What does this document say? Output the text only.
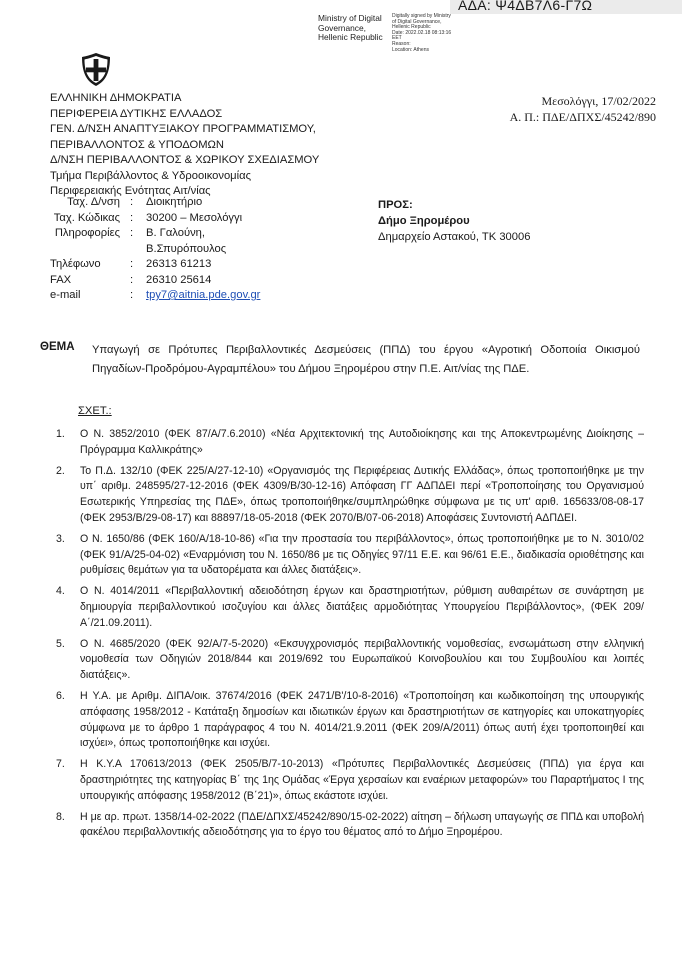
ΑΔΑ: Ψ4ΔΒ7Λ6-Γ7Ω
Ministry of Digital
Governance,
Hellenic Republic
Digitally signed by Ministry
of Digital Governance,
Hellenic Republic
Date: 2022.02.18 08:13:16
EET
Reason:
Location: Athens
ΕΛΛΗΝΙΚΗ ΔΗΜΟΚΡΑΤΙΑ
ΠΕΡΙΦΕΡΕΙΑ ΔΥΤΙΚΗΣ ΕΛΛΑΔΟΣ
ΓΕΝ. Δ/ΝΣΗ ΑΝΑΠΤΥΞΙΑΚΟΥ ΠΡΟΓΡΑΜΜΑΤΙΣΜΟΥ,
ΠΕΡΙΒΑΛΛΟΝΤΟΣ & ΥΠΟΔΟΜΩΝ
Δ/ΝΣΗ ΠΕΡΙΒΑΛΛΟΝΤΟΣ & ΧΩΡΙΚΟΥ ΣΧΕΔΙΑΣΜΟΥ
Τμήμα Περιβάλλοντος & Υδροοικονομίας
Περιφερειακής Ενότητας Αιτ/νίας
Μεσολόγγι, 17/02/2022
Α. Π.: ΠΔΕ/ΔΠΧΣ/45242/890
Ταχ. Δ/νση : Διοικητήριο
Ταχ. Κώδικας : 30200 – Μεσολόγγι
Πληροφορίες : Β. Γαλούνη,
Β.Σπυρόπουλος
Τηλέφωνο	: 26313 61213
FAX	: 26310 25614
e-mail	: tpy7@aitnia.pde.gov.gr
ΠΡΟΣ:
Δήμο Ξηρομέρου
Δημαρχείο Αστακού, ΤΚ 30006
ΘΕΜΑ Υπαγωγή σε Πρότυπες Περιβαλλοντικές Δεσμεύσεις (ΠΠΔ) του έργου «Αγροτική Οδοποιία Οικισμού Πηγαδίων-Προδρόμου-Αγραμπέλου» του Δήμου Ξηρομέρου στην Π.Ε. Αιτ/νίας της ΠΔΕ.
ΣΧΕΤ.:
1. Ο Ν. 3852/2010 (ΦΕΚ 87/Α/7.6.2010) «Νέα Αρχιτεκτονική της Αυτοδιοίκησης και της Αποκεντρωμένης Διοίκησης – Πρόγραμμα Καλλικράτης»
2. Το Π.Δ. 132/10 (ΦΕΚ 225/Α/27-12-10) «Οργανισμός της Περιφέρειας Δυτικής Ελλάδας», όπως τροποποιήθηκε με την υπ΄ αριθμ. 248595/27-12-2016 (ΦΕΚ 4309/Β/30-12-16) Απόφαση ΓΓ ΑΔΠΔΕΙ περί «Τροποποίησης του Οργανισμού Εσωτερικής Υπηρεσίας της ΠΔΕ», όπως τροποποιήθηκε/συμπληρώθηκε σύμφωνα με τις υπ' αριθ. 165633/08-08-17 (ΦΕΚ 2953/Β/29-08-17) και 88897/18-05-2018 (ΦΕΚ 2070/Β/07-06-2018) Αποφάσεις Συντονιστή ΑΔΠΔΕΙ.
3. Ο Ν. 1650/86 (ΦΕΚ 160/Α/18-10-86) «Για την προστασία του περιβάλλοντος», όπως τροποποιήθηκε με το Ν. 3010/02 (ΦΕΚ 91/Α/25-04-02) «Εναρμόνιση του Ν. 1650/86 με τις Οδηγίες 97/11 Ε.Ε. και 96/61 Ε.Ε., διαδικασία οριοθέτησης και ρυθμίσεις θεμάτων για τα υδατορέματα και άλλες διατάξεις».
4. Ο Ν. 4014/2011 «Περιβαλλοντική αδειοδότηση έργων και δραστηριοτήτων, ρύθμιση αυθαιρέτων σε συνάρτηση με δημιουργία περιβαλλοντικού ισοζυγίου και άλλες διατάξεις αρμοδιότητας Υπουργείου Περιβάλλοντος», (ΦΕΚ 209/Α΄/21.09.2011).
5. Ο Ν. 4685/2020 (ΦΕΚ 92/Α/7-5-2020) «Εκσυγχρονισμός περιβαλλοντικής νομοθεσίας, ενσωμάτωση στην ελληνική νομοθεσία των Οδηγιών 2018/844 και 2019/692 του Ευρωπαϊκού Κοινοβουλίου και του Συμβουλίου και λοιπές διατάξεις».
6. Η Υ.Α. με Αριθμ. ΔΙΠΑ/οικ. 37674/2016 (ΦΕΚ 2471/Β'/10-8-2016) «Τροποποίηση και κωδικοποίηση της υπουργικής απόφασης 1958/2012 - Κατάταξη δημοσίων και ιδιωτικών έργων και δραστηριοτήτων σε κατηγορίες και υποκατηγορίες σύμφωνα με το άρθρο 1 παράγραφος 4 του Ν. 4014/21.9.2011 (ΦΕΚ 209/Α/2011) όπως αυτή έχει τροποποιηθεί και ισχύει», όπως τροποποιήθηκε και ισχύει.
7. Η Κ.Υ.Α 170613/2013 (ΦΕΚ 2505/Β/7-10-2013) «Πρότυπες Περιβαλλοντικές Δεσμεύσεις (ΠΠΔ) για έργα και δραστηριότητες της κατηγορίας Β΄ της 1ης Ομάδας «Έργα χερσαίων και εναέριων μεταφορών» του Παραρτήματος Ι της υπουργικής απόφασης 1958/2012 (Β΄21)», όπως εκάστοτε ισχύει.
8. Η με αρ. πρωτ. 1358/14-02-2022 (ΠΔΕ/ΔΠΧΣ/45242/890/15-02-2022) αίτηση – δήλωση υπαγωγής σε ΠΠΔ και υποβολή φακέλου περιβαλλοντικής αδειοδότησης για το έργο του θέματος από το Δήμο Ξηρομέρου.
